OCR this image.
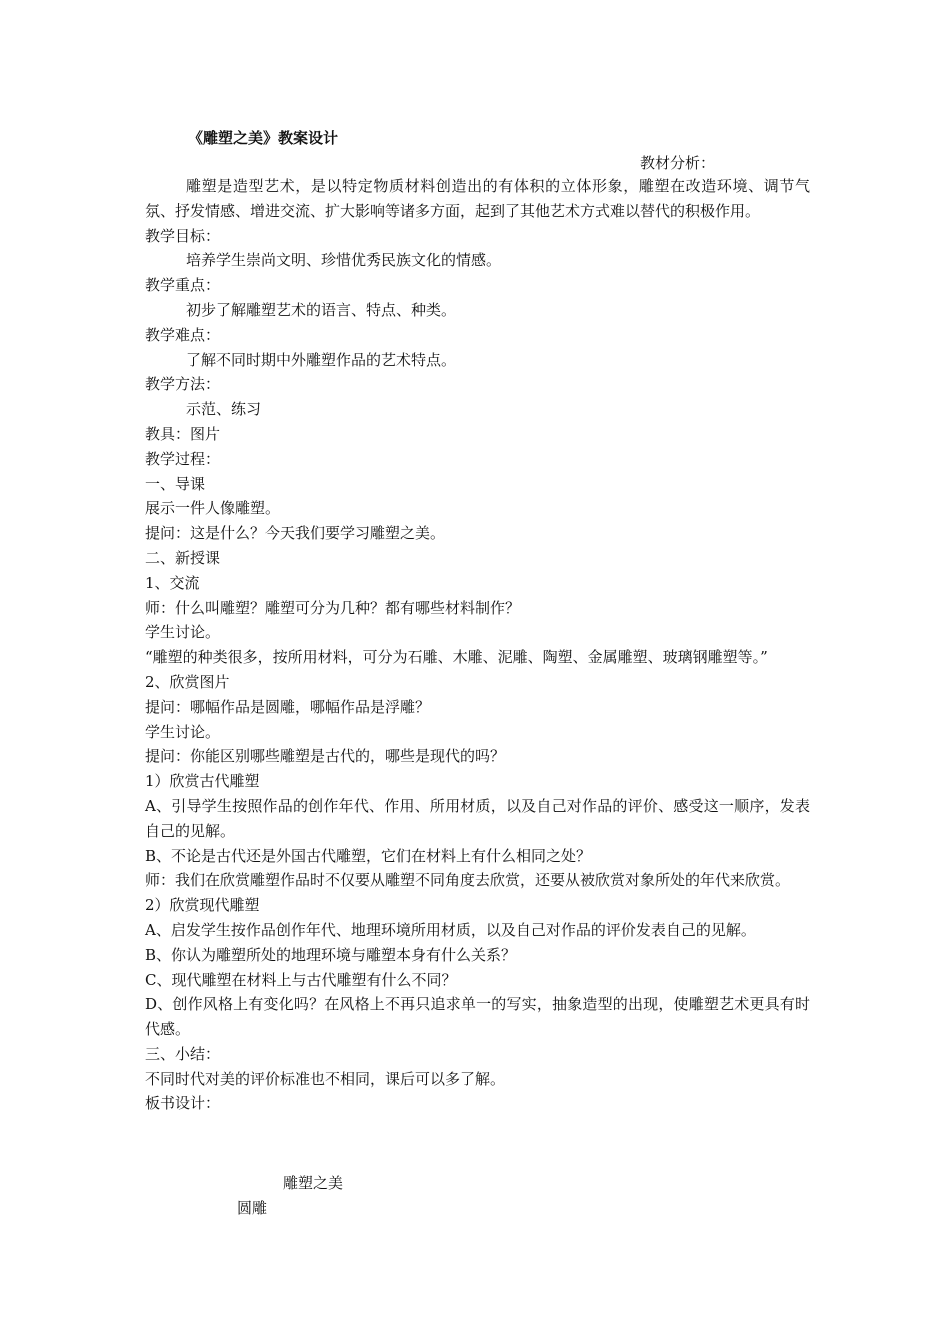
《雕塑之美》教案设计
教材分析：

雕塑是造型艺术，是以特定物质材料创造出的有体积的立体形象，雕塑在改造环境、调节气氛、抒发情感、增进交流、扩大影响等诸多方面，起到了其他艺术方式难以替代的积极作用。

教学目标：

培养学生崇尚文明、珍惜优秀民族文化的情感。

教学重点：

初步了解雕塑艺术的语言、特点、种类。

教学难点：

了解不同时期中外雕塑作品的艺术特点。

教学方法：

示范、练习

教具：图片

教学过程：

一、导课

展示一件人像雕塑。

提问：这是什么？今天我们要学习雕塑之美。

二、新授课

1、交流

师：什么叫雕塑？雕塑可分为几种？都有哪些材料制作？

学生讨论。

“雕塑的种类很多，按所用材料，可分为石雕、木雕、泥雕、陶塑、金属雕塑、玻璃钢雕塑等。”

2、欣赏图片

提问：哪幅作品是圆雕，哪幅作品是浮雕？

学生讨论。

提问：你能区别哪些雕塑是古代的，哪些是现代的吗？

1）欣赏古代雕塑

A、引导学生按照作品的创作年代、作用、所用材质，以及自己对作品的评价、感受这一顺序，发表自己的见解。

B、不论是古代还是外国古代雕塑，它们在材料上有什么相同之处？

师：我们在欣赏雕塑作品时不仅要从雕塑不同角度去欣赏，还要从被欣赏对象所处的年代来欣赏。

2）欣赏现代雕塑

A、启发学生按作品创作年代、地理环境所用材质，以及自己对作品的评价发表自己的见解。

B、你认为雕塑所处的地理环境与雕塑本身有什么关系？

C、现代雕塑在材料上与古代雕塑有什么不同？

D、创作风格上有变化吗？在风格上不再只追求单一的写实，抽象造型的出现，使雕塑艺术更具有时代感。

三、小结：

不同时代对美的评价标准也不相同，课后可以多了解。

板书设计：

雕塑之美
圆雕
